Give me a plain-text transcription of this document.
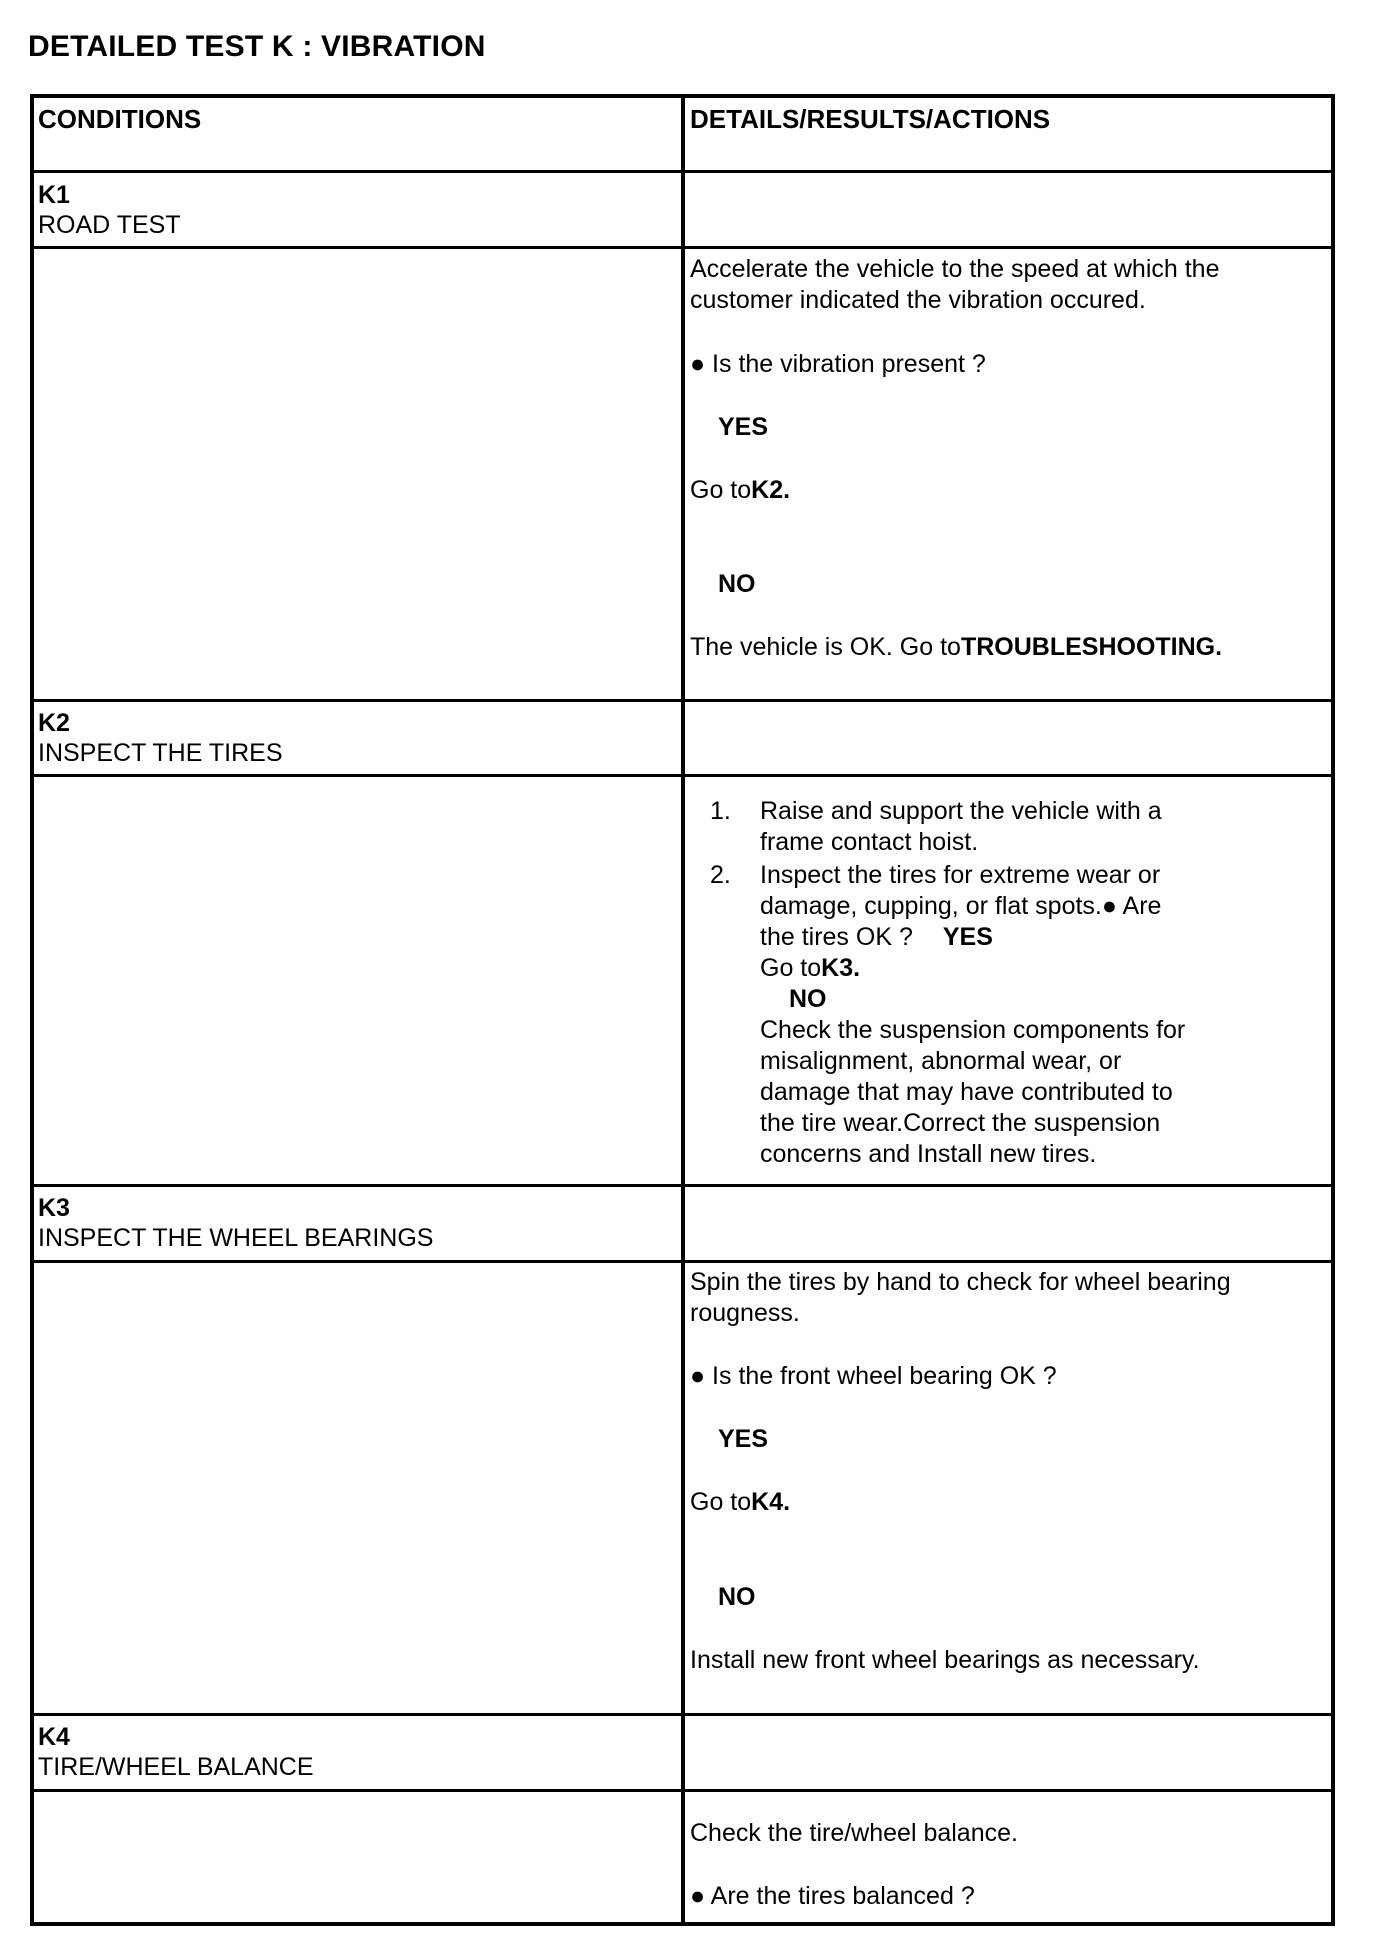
DETAILED TEST K : VIBRATION
CONDITIONS	DETAILS/RESULTS/ACTIONS
K1
ROAD TEST
Accelerate the vehicle to the speed at which the
customer indicated the vibration occured.
● Is the vibration present ?
YES
Go toK2.
NO
The vehicle is OK. Go toTROUBLESHOOTING.
K2
INSPECT THE TIRES
1. Raise and support the vehicle with a
frame contact hoist.
2. Inspect the tires for extreme wear or
damage, cupping, or flat spots.● Are
the tires OK ? YES
Go toK3.
NO
Check the suspension components for
misalignment, abnormal wear, or
damage that may have contributed to
the tire wear.Correct the suspension
concerns and Install new tires.
K3
INSPECT THE WHEEL BEARINGS
Spin the tires by hand to check for wheel bearing
rougness.
● Is the front wheel bearing OK ?
YES
Go toK4.
NO
Install new front wheel bearings as necessary.
K4
TIRE/WHEEL BALANCE
Check the tire/wheel balance.
● Are the tires balanced ?
